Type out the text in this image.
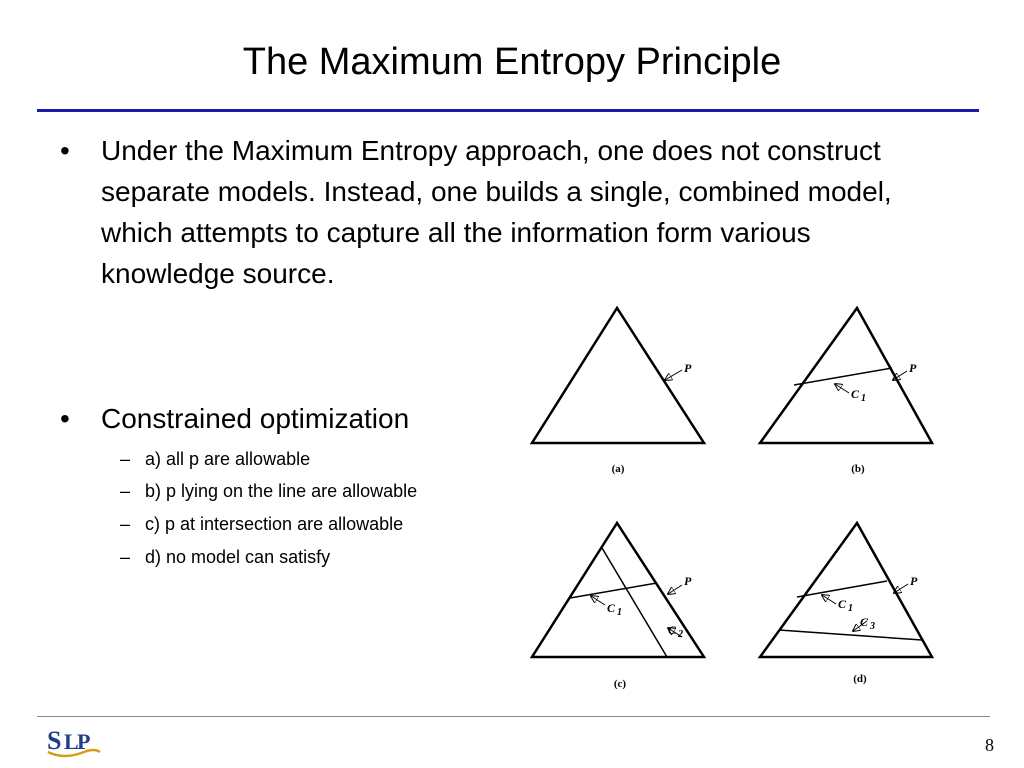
The Maximum Entropy Principle
• Under the Maximum Entropy approach, one does not construct separate models. Instead, one builds a single, combined model, which attempts to capture all the information form various knowledge source.
• Constrained optimization
– a) all p are allowable
– b) p lying on the line are allowable
– c) p at intersection are allowable
– d) no model can satisfy
P
(a)
C $_1$
P
(b)
C $_1$
C $_2$
P
(c)
C $_1$
C $_3$
P
(d)
S L
P	8
